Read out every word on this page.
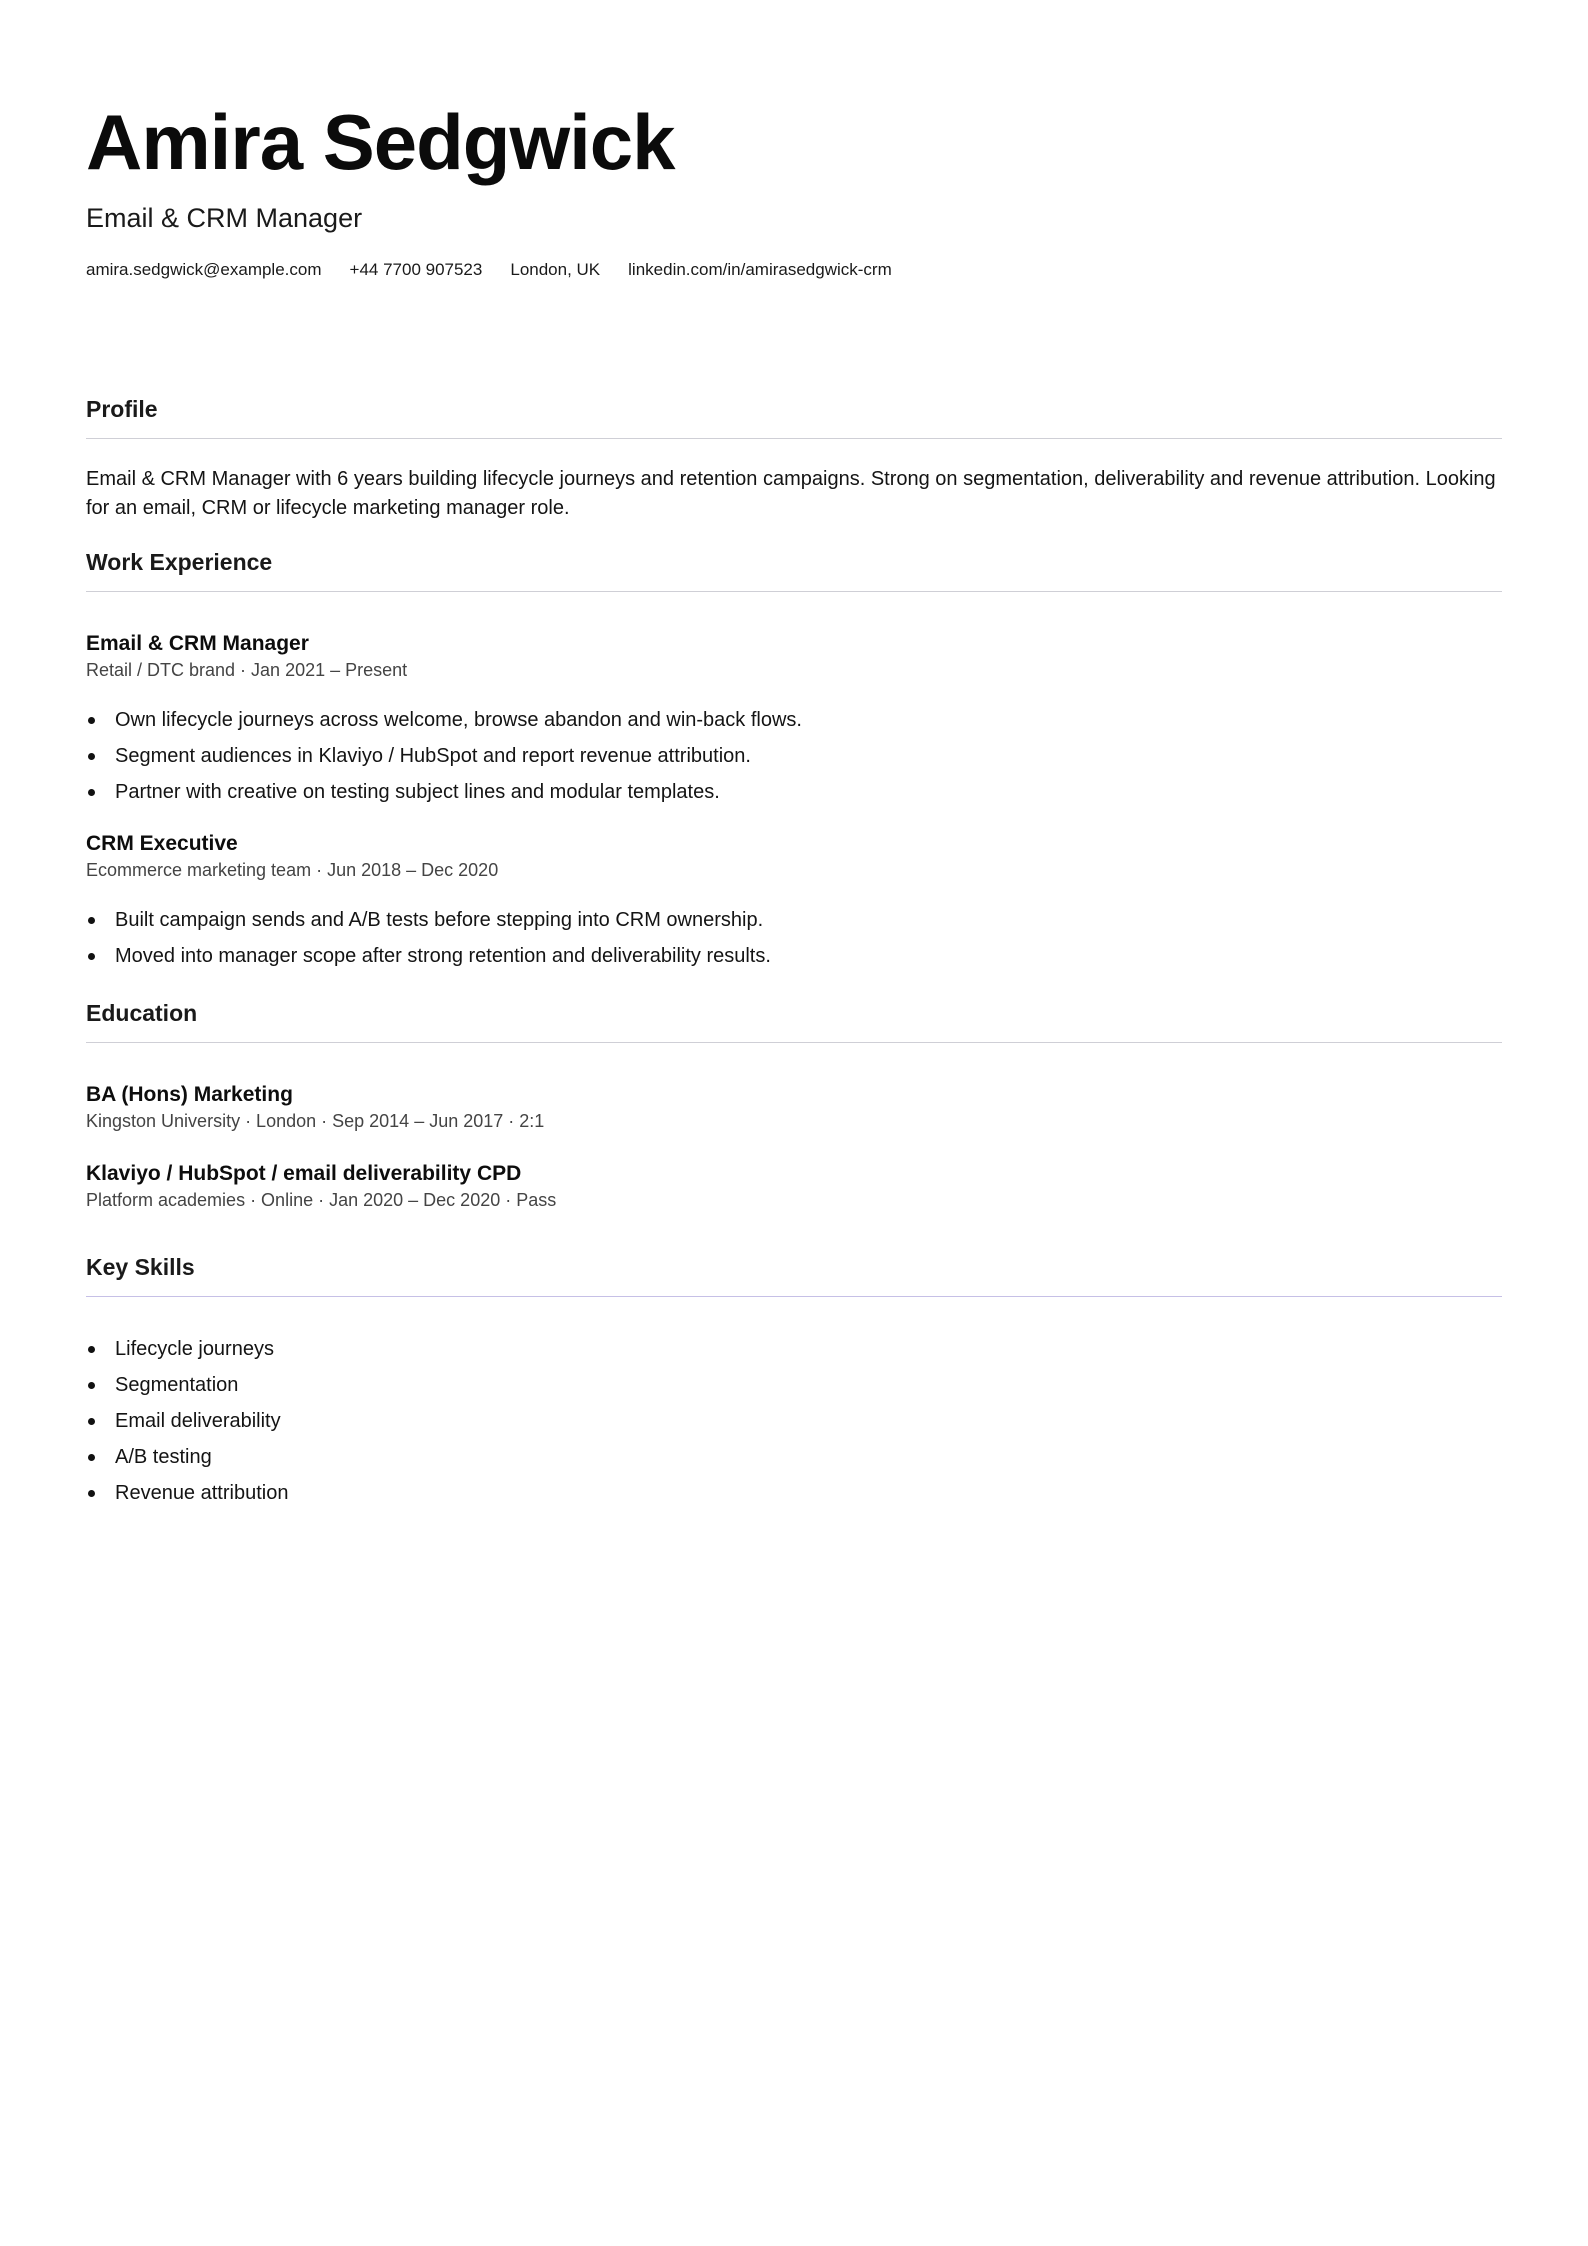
Amira Sedgwick
Email & CRM Manager
amira.sedgwick@example.com +44 7700 907523 London, UK linkedin.com/in/amirasedgwick-crm
Profile
Email & CRM Manager with 6 years building lifecycle journeys and retention campaigns. Strong on segmentation, deliverability and revenue attribution. Looking for an email, CRM or lifecycle marketing manager role.
Work Experience
Email & CRM Manager
Retail / DTC brand · Jan 2021 – Present
Own lifecycle journeys across welcome, browse abandon and win-back flows.
Segment audiences in Klaviyo / HubSpot and report revenue attribution.
Partner with creative on testing subject lines and modular templates.
CRM Executive
Ecommerce marketing team · Jun 2018 – Dec 2020
Built campaign sends and A/B tests before stepping into CRM ownership.
Moved into manager scope after strong retention and deliverability results.
Education
BA (Hons) Marketing
Kingston University · London · Sep 2014 – Jun 2017 · 2:1
Klaviyo / HubSpot / email deliverability CPD
Platform academies · Online · Jan 2020 – Dec 2020 · Pass
Key Skills
Lifecycle journeys
Segmentation
Email deliverability
A/B testing
Revenue attribution
